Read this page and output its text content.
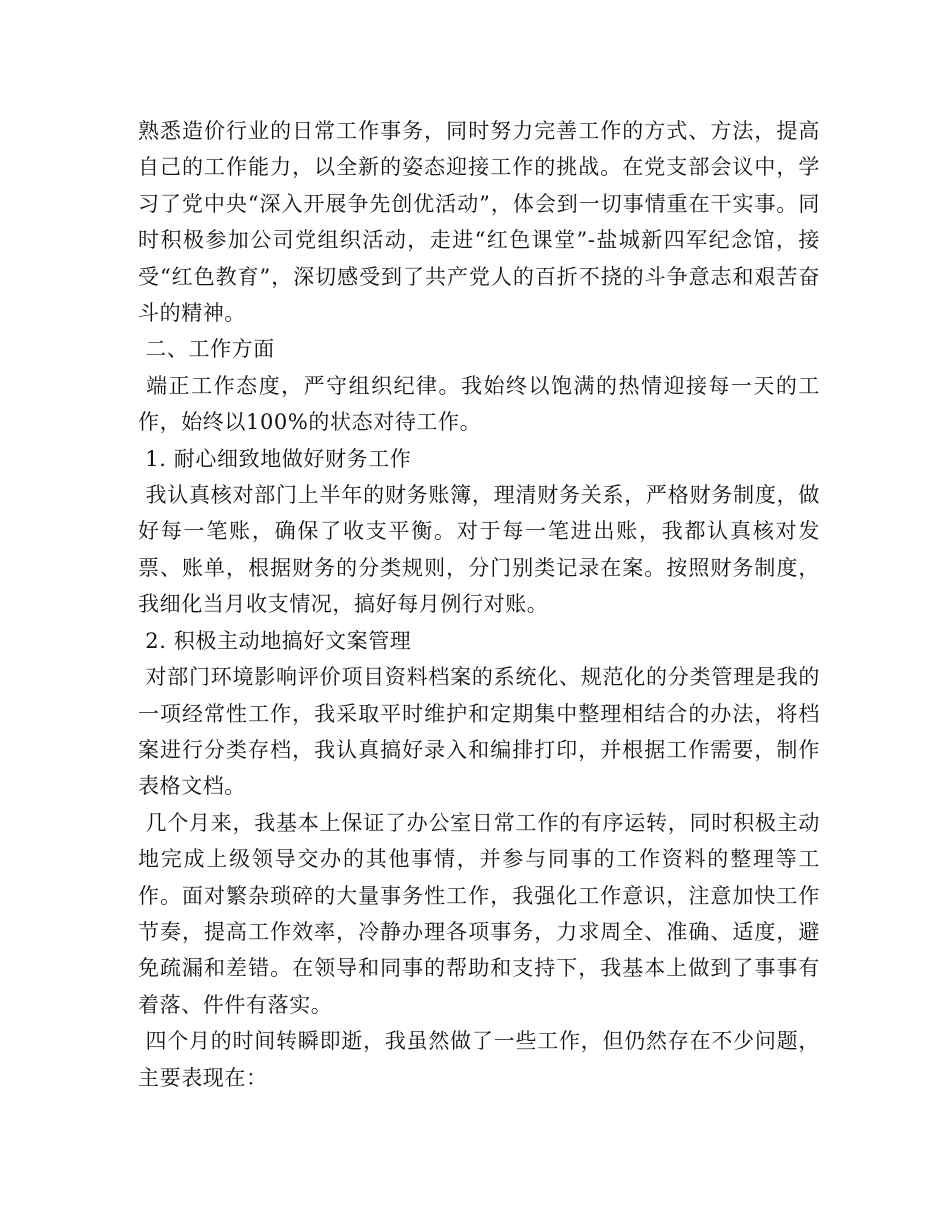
熟悉造价行业的日常工作事务，同时努力完善工作的方式、方法，提高自己的工作能力，以全新的姿态迎接工作的挑战。在党支部会议中，学习了党中央“深入开展争先创优活动”，体会到一切事情重在干实事。同时积极参加公司党组织活动，走进“红色课堂”-盐城新四军纪念馆，接受“红色教育”，深切感受到了共产党人的百折不挠的斗争意志和艰苦奋斗的精神。

二、工作方面

端正工作态度，严守组织纪律。我始终以饱满的热情迎接每一天的工作，始终以100%的状态对待工作。

1. 耐心细致地做好财务工作

我认真核对部门上半年的财务账簿，理清财务关系，严格财务制度，做好每一笔账，确保了收支平衡。对于每一笔进出账，我都认真核对发票、账单，根据财务的分类规则，分门别类记录在案。按照财务制度，我细化当月收支情况，搞好每月例行对账。

2. 积极主动地搞好文案管理

对部门环境影响评价项目资料档案的系统化、规范化的分类管理是我的一项经常性工作，我采取平时维护和定期集中整理相结合的办法，将档案进行分类存档，我认真搞好录入和编排打印，并根据工作需要，制作表格文档。

几个月来，我基本上保证了办公室日常工作的有序运转，同时积极主动地完成上级领导交办的其他事情，并参与同事的工作资料的整理等工作。面对繁杂琐碎的大量事务性工作，我强化工作意识，注意加快工作节奏，提高工作效率，冷静办理各项事务，力求周全、准确、适度，避免疏漏和差错。在领导和同事的帮助和支持下，我基本上做到了事事有着落、件件有落实。

四个月的时间转瞬即逝，我虽然做了一些工作，但仍然存在不少问题，主要表现在：
